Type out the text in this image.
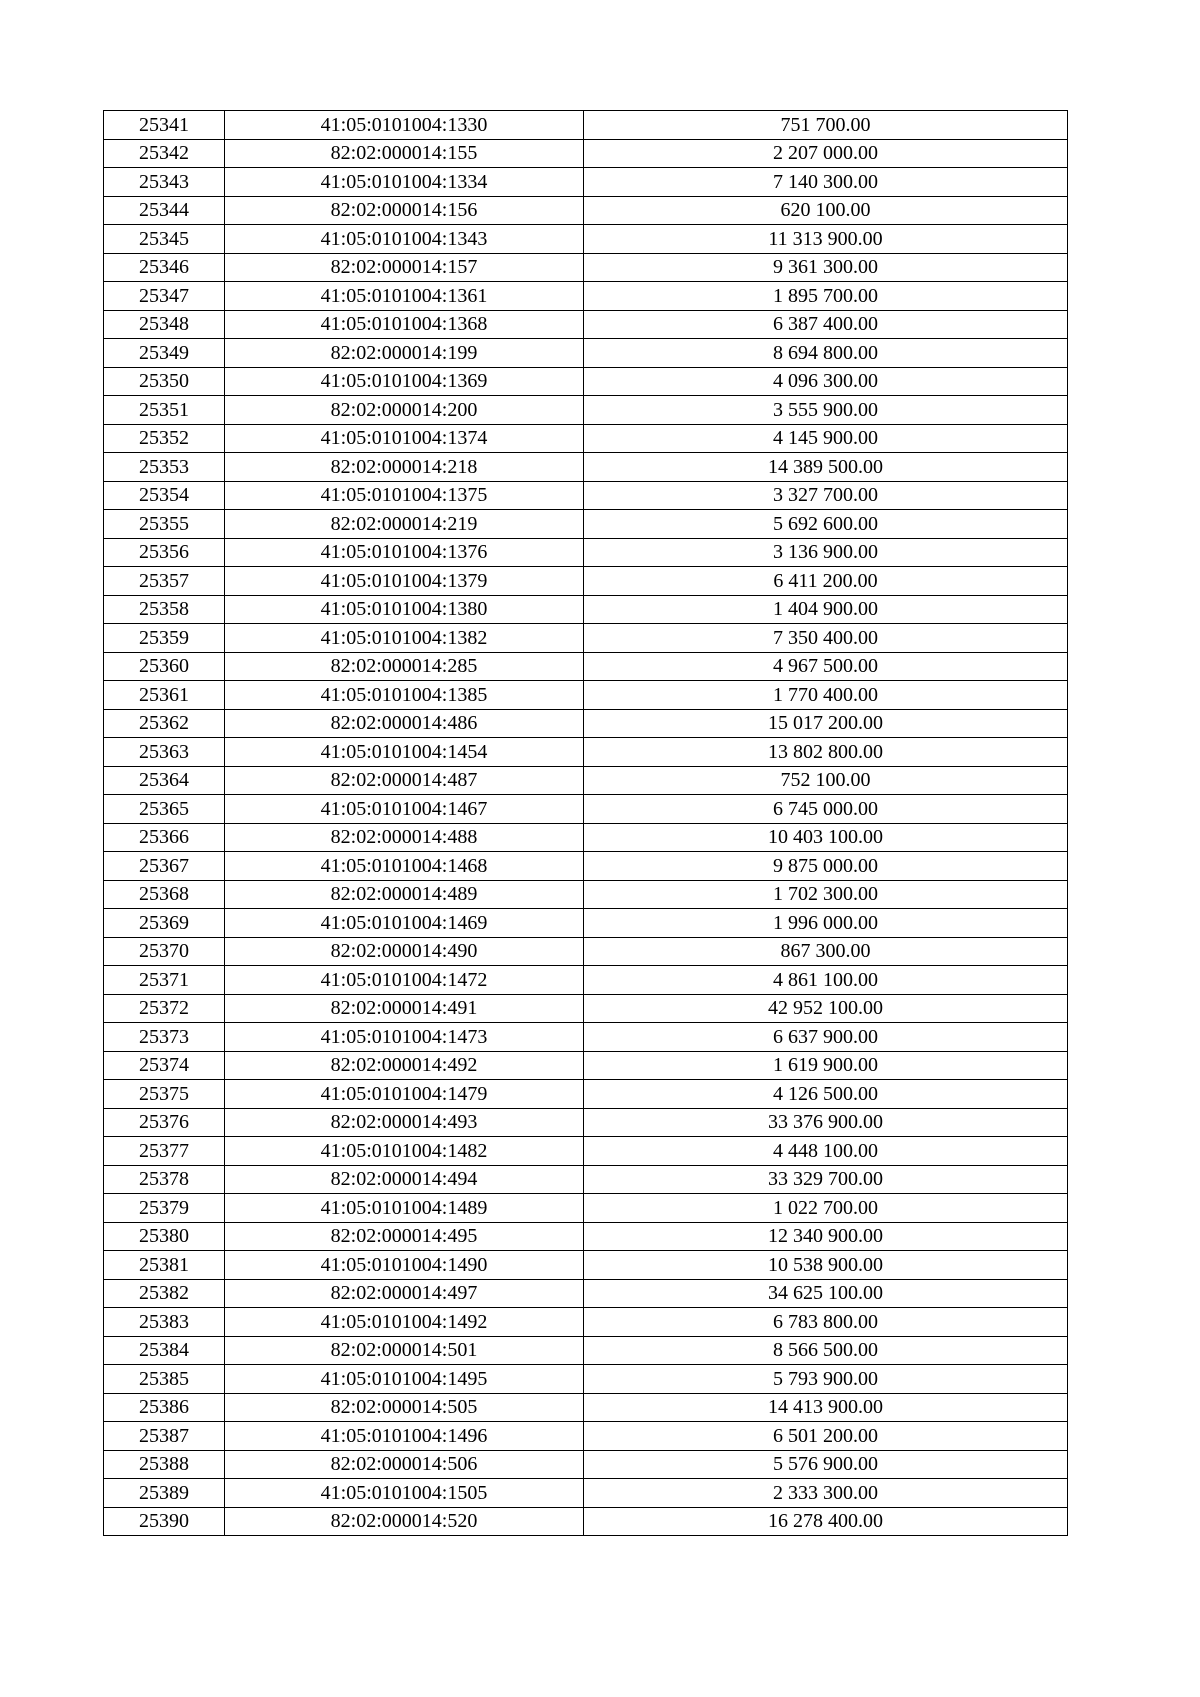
25341	41:05:0101004:1330	751 700.00
25342	82:02:000014:155	2 207 000.00
25343	41:05:0101004:1334	7 140 300.00
25344	82:02:000014:156	620 100.00
25345	41:05:0101004:1343	11 313 900.00
25346	82:02:000014:157	9 361 300.00
25347	41:05:0101004:1361	1 895 700.00
25348	41:05:0101004:1368	6 387 400.00
25349	82:02:000014:199	8 694 800.00
25350	41:05:0101004:1369	4 096 300.00
25351	82:02:000014:200	3 555 900.00
25352	41:05:0101004:1374	4 145 900.00
25353	82:02:000014:218	14 389 500.00
25354	41:05:0101004:1375	3 327 700.00
25355	82:02:000014:219	5 692 600.00
25356	41:05:0101004:1376	3 136 900.00
25357	41:05:0101004:1379	6 411 200.00
25358	41:05:0101004:1380	1 404 900.00
25359	41:05:0101004:1382	7 350 400.00
25360	82:02:000014:285	4 967 500.00
25361	41:05:0101004:1385	1 770 400.00
25362	82:02:000014:486	15 017 200.00
25363	41:05:0101004:1454	13 802 800.00
25364	82:02:000014:487	752 100.00
25365	41:05:0101004:1467	6 745 000.00
25366	82:02:000014:488	10 403 100.00
25367	41:05:0101004:1468	9 875 000.00
25368	82:02:000014:489	1 702 300.00
25369	41:05:0101004:1469	1 996 000.00
25370	82:02:000014:490	867 300.00
25371	41:05:0101004:1472	4 861 100.00
25372	82:02:000014:491	42 952 100.00
25373	41:05:0101004:1473	6 637 900.00
25374	82:02:000014:492	1 619 900.00
25375	41:05:0101004:1479	4 126 500.00
25376	82:02:000014:493	33 376 900.00
25377	41:05:0101004:1482	4 448 100.00
25378	82:02:000014:494	33 329 700.00
25379	41:05:0101004:1489	1 022 700.00
25380	82:02:000014:495	12 340 900.00
25381	41:05:0101004:1490	10 538 900.00
25382	82:02:000014:497	34 625 100.00
25383	41:05:0101004:1492	6 783 800.00
25384	82:02:000014:501	8 566 500.00
25385	41:05:0101004:1495	5 793 900.00
25386	82:02:000014:505	14 413 900.00
25387	41:05:0101004:1496	6 501 200.00
25388	82:02:000014:506	5 576 900.00
25389	41:05:0101004:1505	2 333 300.00
25390	82:02:000014:520	16 278 400.00
